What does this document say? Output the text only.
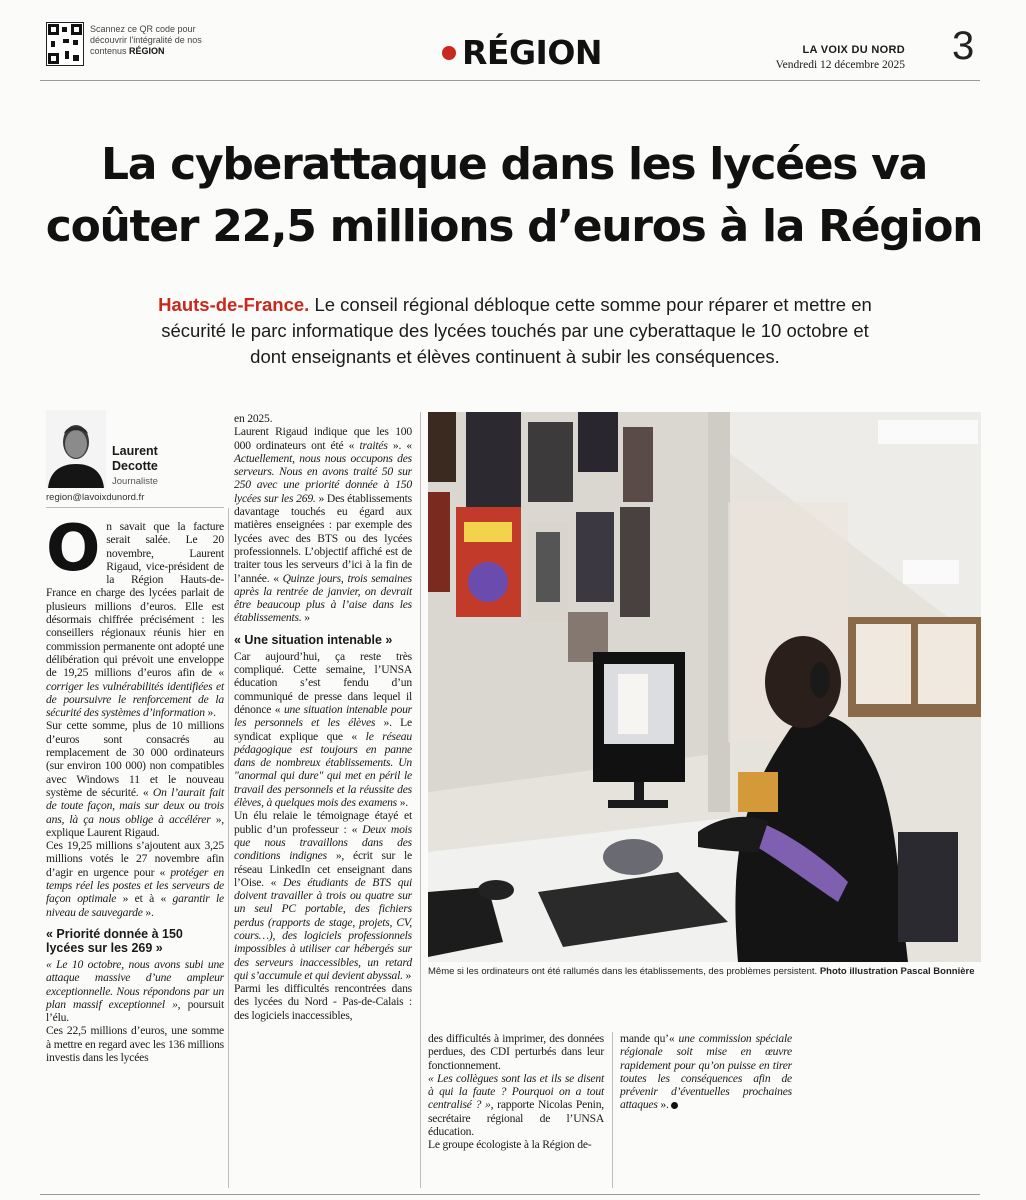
Scannez ce QR code pour découvrir l'intégralité de nos contenus RÉGION	RÉGION	LA VOIX DU NORD
Vendredi 12 décembre 2025 3
La cyberattaque dans les lycées va
coûter 22,5 millions d’euros à la Région

Hauts-de-France. Le conseil régional débloque cette somme pour réparer et mettre en sécurité le parc informatique des lycées touchés par une cyberattaque le 10 octobre et dont enseignants et élèves continuent à subir les conséquences.

Laurent
Decotte
Journaliste
region@lavoixdunord.fr
O n savait que la facture serait salée. Le 20 novembre, Laurent Rigaud, vice-président de la Région Hauts-de-France en charge des lycées parlait de plusieurs millions d’euros. Elle est désormais chiffrée précisément : les conseillers régionaux réunis hier en commission permanente ont adopté une délibération qui prévoit une enveloppe de 19,25 millions d’euros afin de « corriger les vulnérabilités identifiées et de poursuivre le renforcement de la sécurité des systèmes d’information ».

Sur cette somme, plus de 10 millions d’euros sont consacrés au remplacement de 30 000 ordinateurs (sur environ 100 000) non compatibles avec Windows 11 et le nouveau système de sécurité. « On l’aurait fait de toute façon, mais sur deux ou trois ans, là ça nous oblige à accélérer », explique Laurent Rigaud.

Ces 19,25 millions s’ajoutent aux 3,25 millions votés le 27 novembre afin d’agir en urgence pour « protéger en temps réel les postes et les serveurs de façon optimale » et à « garantir le niveau de sauvegarde ».

« Priorité donnée à 150 lycées sur les 269 »

« Le 10 octobre, nous avons subi une attaque massive d’une ampleur exceptionnelle. Nous répondons par un plan massif exceptionnel », poursuit l’élu.

Ces 22,5 millions d’euros, une somme à mettre en regard avec les 136 millions investis dans les lycées

en 2025.

Laurent Rigaud indique que les 100 000 ordinateurs ont été « traités ». « Actuellement, nous nous occupons des serveurs. Nous en avons traité 50 sur 250 avec une priorité donnée à 150 lycées sur les 269. » Des établissements davantage touchés eu égard aux matières enseignées : par exemple des lycées avec des BTS ou des lycées professionnels. L’objectif affiché est de traiter tous les serveurs d’ici à la fin de l’année. « Quinze jours, trois semaines après la rentrée de janvier, on devrait être beaucoup plus à l’aise dans les établissements. »

« Une situation intenable »

Car aujourd’hui, ça reste très compliqué. Cette semaine, l’UNSA éducation s’est fendu d’un communiqué de presse dans lequel il dénonce « une situation intenable pour les personnels et les élèves ». Le syndicat explique que « le réseau pédagogique est toujours en panne dans de nombreux établissements. Un "anormal qui dure" qui met en péril le travail des personnels et la réussite des élèves, à quelques mois des examens ».

Un élu relaie le témoignage étayé et public d’un professeur : « Deux mois que nous travaillons dans des conditions indignes », écrit sur le réseau LinkedIn cet enseignant dans l’Oise. « Des étudiants de BTS qui doivent travailler à trois ou quatre sur un seul PC portable, des fichiers perdus (rapports de stage, projets, CV, cours…), des logiciels professionnels impossibles à utiliser car hébergés sur des serveurs inaccessibles, un retard qui s’accumule et qui devient abyssal. »

Parmi les difficultés rencontrées dans des lycées du Nord - Pas-de-Calais : des logiciels inaccessibles,

Même si les ordinateurs ont été rallumés dans les établissements, des problèmes persistent. Photo illustration Pascal Bonnière

des difficultés à imprimer, des données perdues, des CDI perturbés dans leur fonctionnement.

« Les collègues sont las et ils se disent à qui la faute ? Pourquoi on a tout centralisé ? », rapporte Nicolas Penin, secrétaire régional de l’UNSA éducation.

Le groupe écologiste à la Région de-

mande qu’« une commission spéciale régionale soit mise en œuvre rapidement pour qu’on puisse en tirer toutes les conséquences afin de prévenir d’éventuelles prochaines attaques ».
